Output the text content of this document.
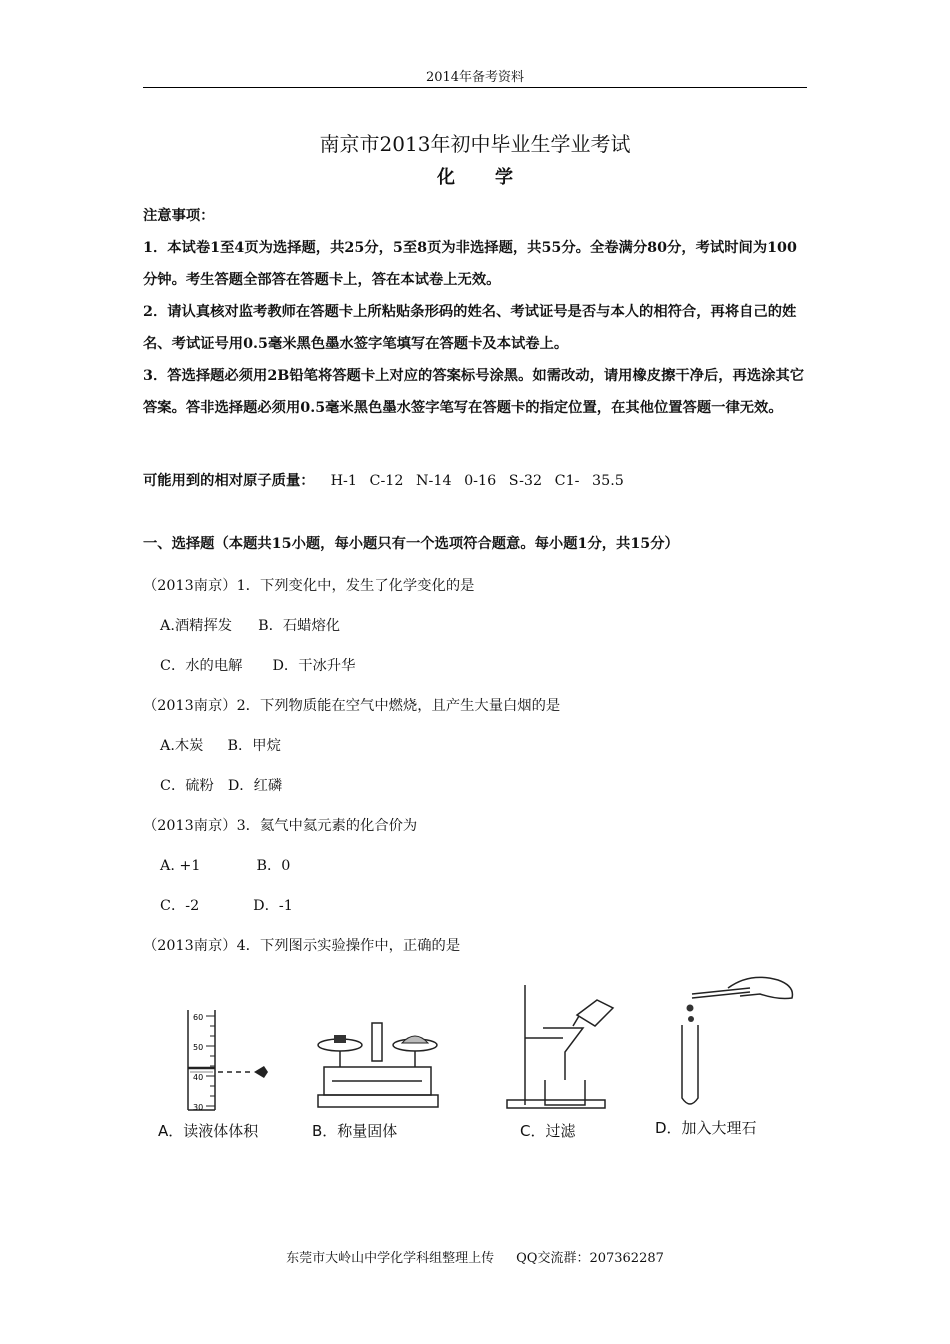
2014年备考资料
南京市2013年初中毕业生学业考试
化学

注意事项：

1．本试卷1至4页为选择题，共25分，5至8页为非选择题，共55分。全卷满分80分，考试时间为100分钟。考生答题全部答在答题卡上，答在本试卷上无效。

2．请认真核对监考教师在答题卡上所粘贴条形码的姓名、考试证号是否与本人的相符合，再将自己的姓名、考试证号用0.5毫米黑色墨水签字笔填写在答题卡及本试卷上。

3．答选择题必须用2B铅笔将答题卡上对应的答案标号涂黑。如需改动，请用橡皮擦干净后，再选涂其它答案。答非选择题必须用0.5毫米黑色墨水签字笔写在答题卡的指定位置，在其他位置答题一律无效。

可能用到的相对原子质量： H-1 C-12 N-14 0-16 S-32 C1- 35.5
一、选择题（本题共15小题，每小题只有一个选项符合题意。每小题1分，共15分）
（2013南京）1．下列变化中，发生了化学变化的是
A.酒精挥发 B．石蜡熔化
C．水的电解 D．干冰升华
（2013南京）2．下列物质能在空气中燃烧，且产生大量白烟的是
A.木炭 B．甲烷
C．硫粉 D．红磷
（2013南京）3．氦气中氦元素的化合价为
A. +1	B．0
C．-2	D．-1
（2013南京）4．下列图示实验操作中，正确的是
60
50
40
30
A．读液体体积	B．称量固体	C．过滤	D．加入大理石
东莞市大岭山中学化学科组整理上传 QQ交流群：207362287
